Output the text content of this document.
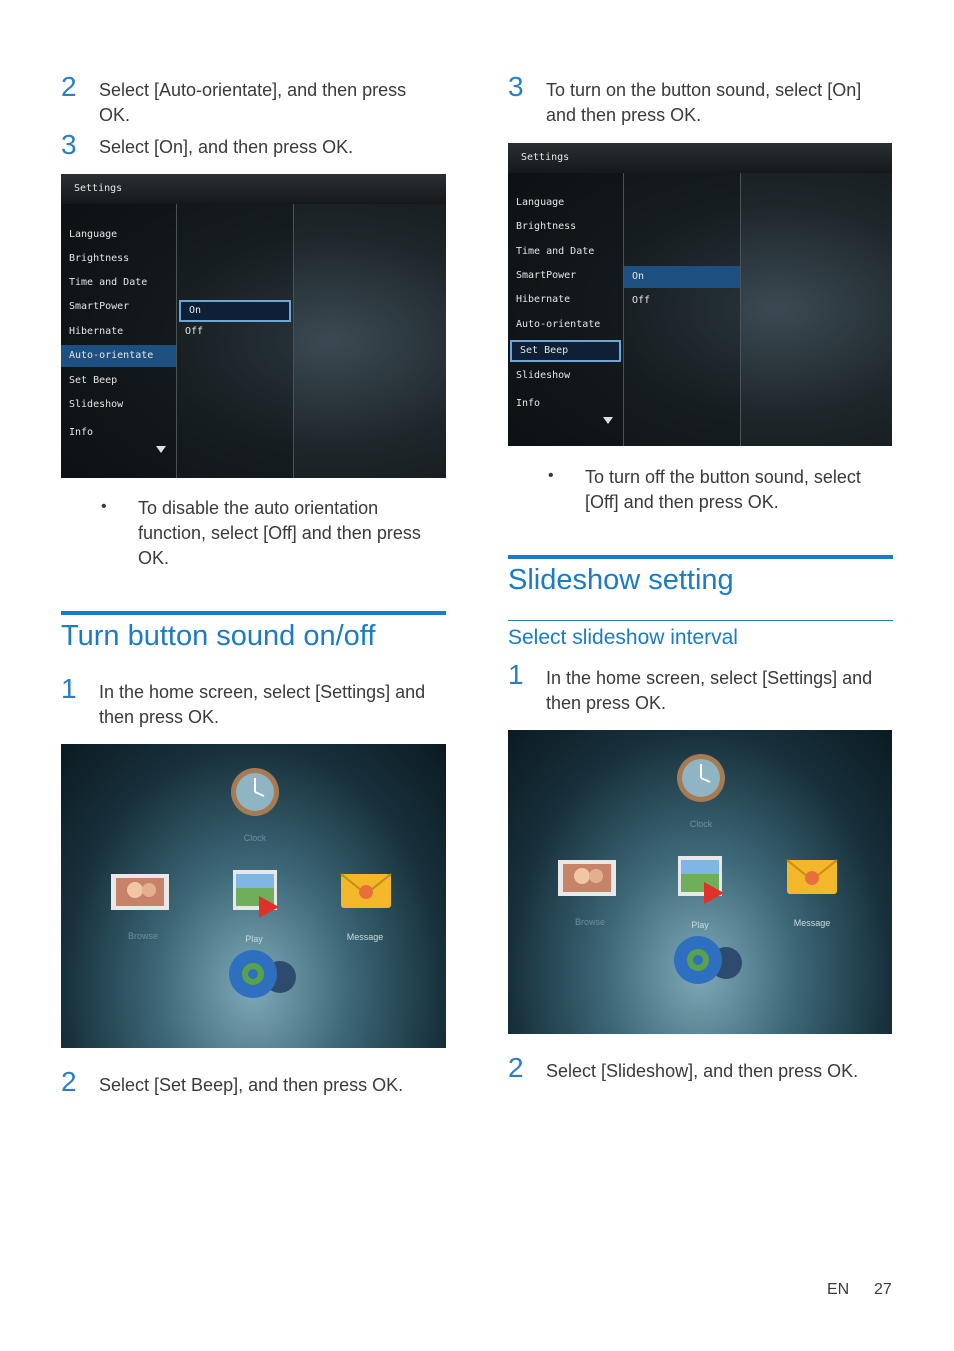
2 Select [Auto-orientate], and then press
OK.
3 Select [On], and then press OK.
Settings
Language
Brightness
Time and Date
SmartPower
Hibernate
Auto-orientate
Set Beep
Slideshow
Info
On
Off
• To disable the auto orientation
function, select [Off] and then press
OK.
Turn button sound on/off
1 In the home screen, select [Settings] and
then press OK.
Clock
Browse	Play	Message
Settings
2 Select [Set Beep], and then press OK.
3 To turn on the button sound, select [On]
and then press OK.
Settings
Language
Brightness
Time and Date
SmartPower
Hibernate
Auto-orientate
Set Beep
Slideshow
Info
On
Off
• To turn off the button sound, select
[Off] and then press OK.
Slideshow setting
Select slideshow interval
1 In the home screen, select [Settings] and
then press OK.
Clock
Browse	Play	Message
Settings
2 Select [Slideshow], and then press OK.
EN 27
